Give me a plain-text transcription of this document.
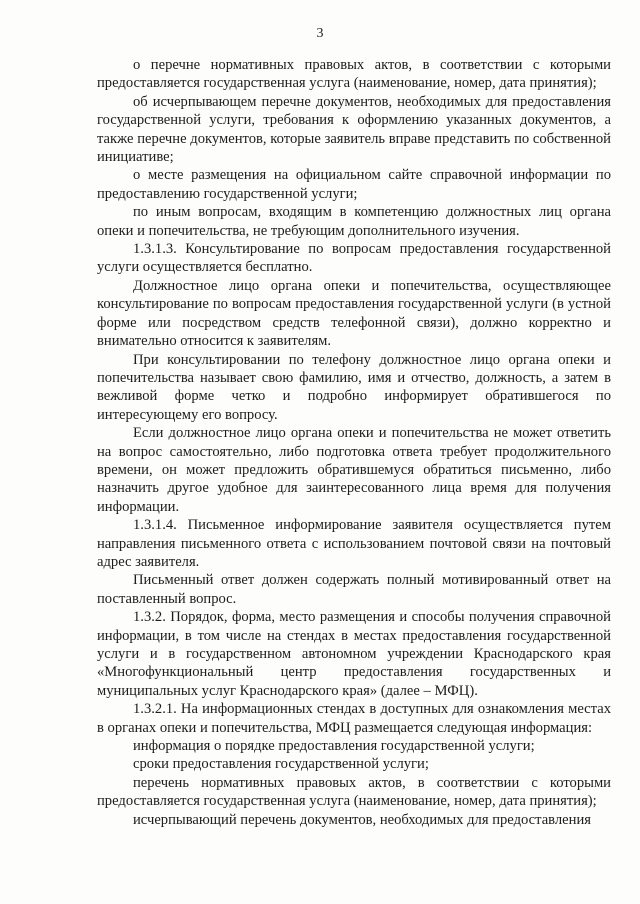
3

о перечне нормативных правовых актов, в соответствии с которыми предоставляется государственная услуга (наименование, номер, дата принятия);

об исчерпывающем перечне документов, необходимых для предоставления государственной услуги, требования к оформлению указанных документов, а также перечне документов, которые заявитель вправе представить по собственной инициативе;

о месте размещения на официальном сайте справочной информации по предоставлению государственной услуги;

по иным вопросам, входящим в компетенцию должностных лиц органа опеки и попечительства, не требующим дополнительного изучения.

1.3.1.3. Консультирование по вопросам предоставления государственной услуги осуществляется бесплатно.

Должностное лицо органа опеки и попечительства, осуществляющее консультирование по вопросам предоставления государственной услуги (в устной форме или посредством средств телефонной связи), должно корректно и внимательно относится к заявителям.

При консультировании по телефону должностное лицо органа опеки и попечительства называет свою фамилию, имя и отчество, должность, а затем в вежливой форме четко и подробно информирует обратившегося по интересующему его вопросу.

Если должностное лицо органа опеки и попечительства не может ответить на вопрос самостоятельно, либо подготовка ответа требует продолжительного времени, он может предложить обратившемуся обратиться письменно, либо назначить другое удобное для заинтересованного лица время для получения информации.

1.3.1.4. Письменное информирование заявителя осуществляется путем направления письменного ответа с использованием почтовой связи на почтовый адрес заявителя.

Письменный ответ должен содержать полный мотивированный ответ на поставленный вопрос.

1.3.2. Порядок, форма, место размещения и способы получения справочной информации, в том числе на стендах в местах предоставления государственной услуги и в государственном автономном учреждении Краснодарского края «Многофункциональный центр предоставления государственных и муниципальных услуг Краснодарского края» (далее – МФЦ).

1.3.2.1. На информационных стендах в доступных для ознакомления местах в органах опеки и попечительства, МФЦ размещается следующая информация:

информация о порядке предоставления государственной услуги;

сроки предоставления государственной услуги;

перечень нормативных правовых актов, в соответствии с которыми предоставляется государственная услуга (наименование, номер, дата принятия);

исчерпывающий перечень документов, необходимых для предоставления
